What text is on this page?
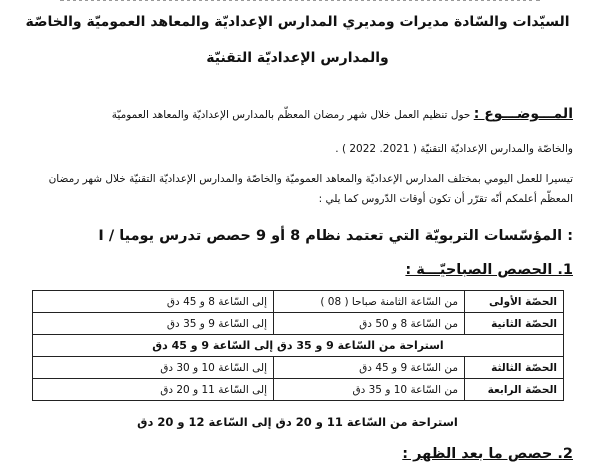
السيّدات والسّادة مديرات ومديري المدارس الإعداديّة والمعاهد العموميّة والخاصّة
والمدارس الإعداديّة التقنيّة
المـــوضـــوع : حول تنظيم العمل خلال شهر رمضان المعظّم بالمدارس الإعداديّة والمعاهد العموميّة
والخاصّة والمدارس الإعداديّة التقنيّة ( 2021. 2022 ) .
تيسيرا للعمل اليومي بمختلف المدارس الإعداديّة والمعاهد العموميّة والخاصّة والمدارس الإعداديّة التقنيّة خلال شهر رمضان
المعظّم أعلمكم أنّه تقرّر أن تكون أوقات الدّروس كما يلي :
I / المؤسّسات التربويّة التي تعتمد نظام 8 أو 9 حصص تدرس يوميا :
1. الحصص الصباحيّـــة :
الحصّة الأولى	من السّاعة الثامنة صباحا ( 08 )	إلى السّاعة 8 و 45 دق
الحصّة الثانية	من السّاعة 8 و 50 دق	إلى السّاعة 9 و 35 دق
استراحة من السّاعة 9 و 35 دق إلى السّاعة 9 و 45 دق		
الحصّة الثالثة	من السّاعة 9 و 45 دق	إلى السّاعة 10 و 30 دق
الحصّة الرابعة	من السّاعة 10 و 35 دق	إلى السّاعة 11 و 20 دق
استراحة من السّاعة 11 و 20 دق إلى السّاعة 12 و 20 دق
2. حصص ما بعد الظهر :
